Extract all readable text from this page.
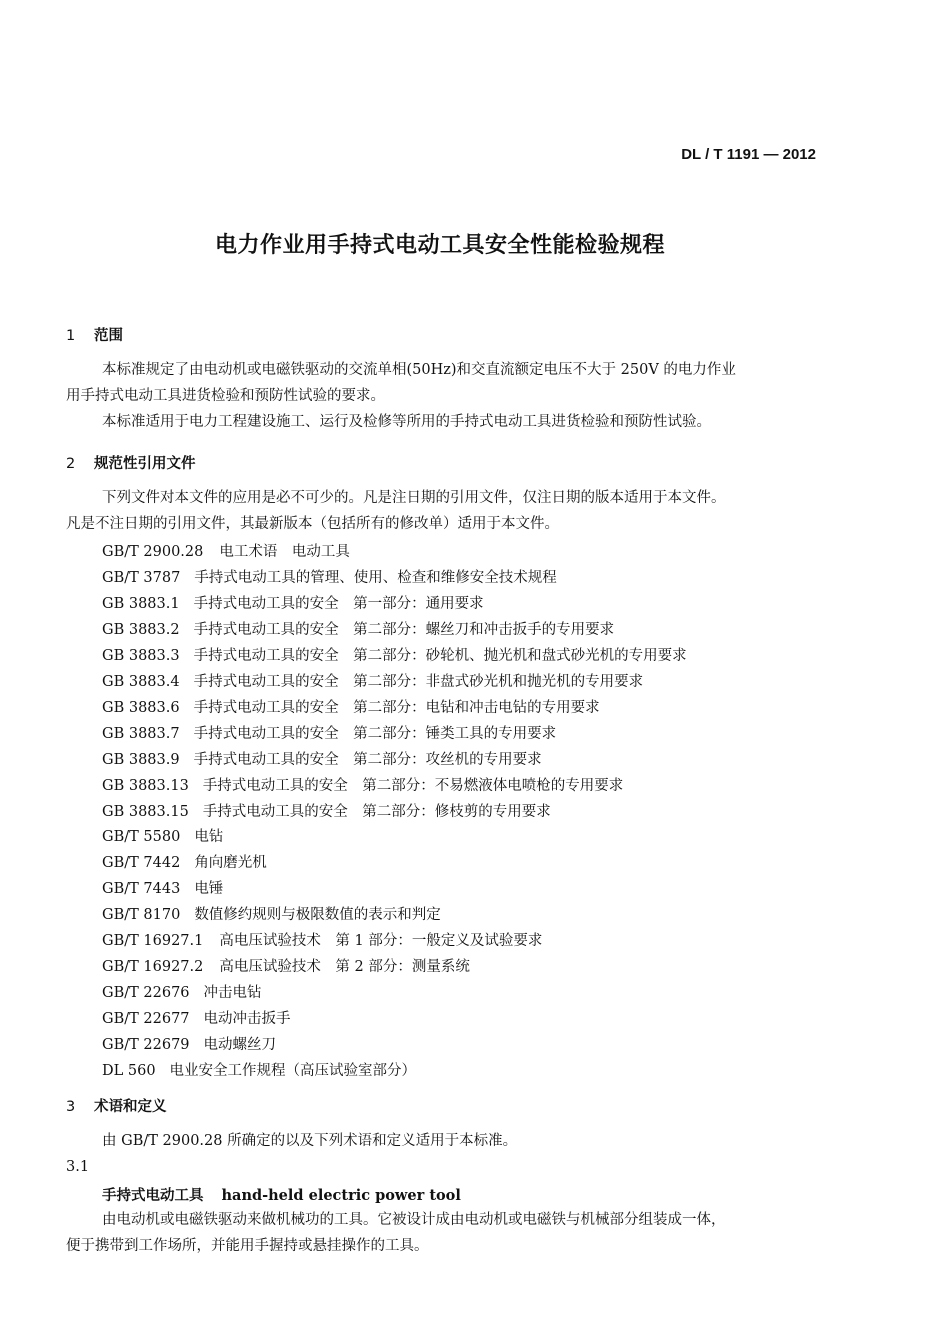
DL / T 1191 — 2012
电力作业用手持式电动工具安全性能检验规程
1 范围
本标准规定了由电动机或电磁铁驱动的交流单相(50Hz)和交直流额定电压不大于 250V 的电力作业
用手持式电动工具进货检验和预防性试验的要求。
本标准适用于电力工程建设施工、运行及检修等所用的手持式电动工具进货检验和预防性试验。
2 规范性引用文件
下列文件对本文件的应用是必不可少的。凡是注日期的引用文件，仅注日期的版本适用于本文件。
凡是不注日期的引用文件，其最新版本（包括所有的修改单）适用于本文件。
GB/T 2900.28 电工术语　电动工具
GB/T 3787 手持式电动工具的管理、使用、检查和维修安全技术规程
GB 3883.1 手持式电动工具的安全　第一部分：通用要求
GB 3883.2 手持式电动工具的安全　第二部分：螺丝刀和冲击扳手的专用要求
GB 3883.3 手持式电动工具的安全　第二部分：砂轮机、抛光机和盘式砂光机的专用要求
GB 3883.4 手持式电动工具的安全　第二部分：非盘式砂光机和抛光机的专用要求
GB 3883.6 手持式电动工具的安全　第二部分：电钻和冲击电钻的专用要求
GB 3883.7 手持式电动工具的安全　第二部分：锤类工具的专用要求
GB 3883.9 手持式电动工具的安全　第二部分：攻丝机的专用要求
GB 3883.13 手持式电动工具的安全　第二部分：不易燃液体电喷枪的专用要求
GB 3883.15 手持式电动工具的安全　第二部分：修枝剪的专用要求
GB/T 5580 电钻
GB/T 7442 角向磨光机
GB/T 7443 电锤
GB/T 8170 数值修约规则与极限数值的表示和判定
GB/T 16927.1 高电压试验技术　第 1 部分：一般定义及试验要求
GB/T 16927.2 高电压试验技术　第 2 部分：测量系统
GB/T 22676 冲击电钻
GB/T 22677 电动冲击扳手
GB/T 22679 电动螺丝刀
DL 560 电业安全工作规程（高压试验室部分）
3 术语和定义
由 GB/T 2900.28 所确定的以及下列术语和定义适用于本标准。
3.1
手持式电动工具 hand-held electric power tool
由电动机或电磁铁驱动来做机械功的工具。它被设计成由电动机或电磁铁与机械部分组装成一体，
便于携带到工作场所，并能用手握持或悬挂操作的工具。
